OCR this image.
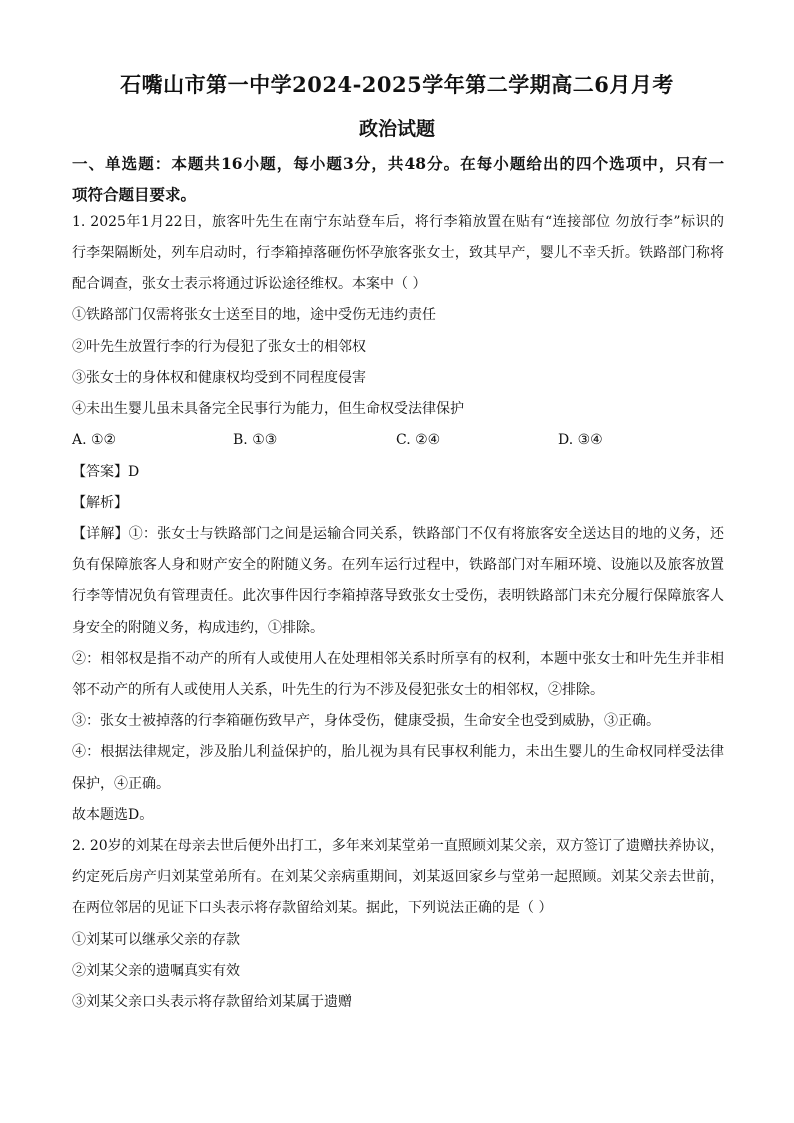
石嘴山市第一中学2024-2025学年第二学期高二6月月考
政治试题
一、单选题：本题共16小题，每小题3分，共48分。在每小题给出的四个选项中，只有一
项符合题目要求。
1. 2025年1月22日，旅客叶先生在南宁东站登车后，将行李箱放置在贴有“连接部位 勿放行李”标识的
行李架隔断处，列车启动时，行李箱掉落砸伤怀孕旅客张女士，致其早产，婴儿不幸夭折。铁路部门称将
配合调查，张女士表示将通过诉讼途径维权。本案中（ ）
①铁路部门仅需将张女士送至目的地，途中受伤无违约责任
②叶先生放置行李的行为侵犯了张女士的相邻权
③张女士的身体权和健康权均受到不同程度侵害
④未出生婴儿虽未具备完全民事行为能力，但生命权受法律保护
A. ①②	B. ①③	C. ②④	D. ③④
【答案】D
【解析】
【详解】①：张女士与铁路部门之间是运输合同关系，铁路部门不仅有将旅客安全送达目的地的义务，还
负有保障旅客人身和财产安全的附随义务。在列车运行过程中，铁路部门对车厢环境、设施以及旅客放置
行李等情况负有管理责任。此次事件因行李箱掉落导致张女士受伤，表明铁路部门未充分履行保障旅客人
身安全的附随义务，构成违约，①排除。
②：相邻权是指不动产的所有人或使用人在处理相邻关系时所享有的权利，本题中张女士和叶先生并非相
邻不动产的所有人或使用人关系，叶先生的行为不涉及侵犯张女士的相邻权，②排除。
③：张女士被掉落的行李箱砸伤致早产，身体受伤，健康受损，生命安全也受到威胁，③正确。
④：根据法律规定，涉及胎儿利益保护的，胎儿视为具有民事权利能力，未出生婴儿的生命权同样受法律
保护，④正确。
故本题选D。
2. 20岁的刘某在母亲去世后便外出打工，多年来刘某堂弟一直照顾刘某父亲，双方签订了遗赠扶养协议，
约定死后房产归刘某堂弟所有。在刘某父亲病重期间，刘某返回家乡与堂弟一起照顾。刘某父亲去世前，
在两位邻居的见证下口头表示将存款留给刘某。据此，下列说法正确的是（ ）
①刘某可以继承父亲的存款
②刘某父亲的遗嘱真实有效
③刘某父亲口头表示将存款留给刘某属于遗赠
